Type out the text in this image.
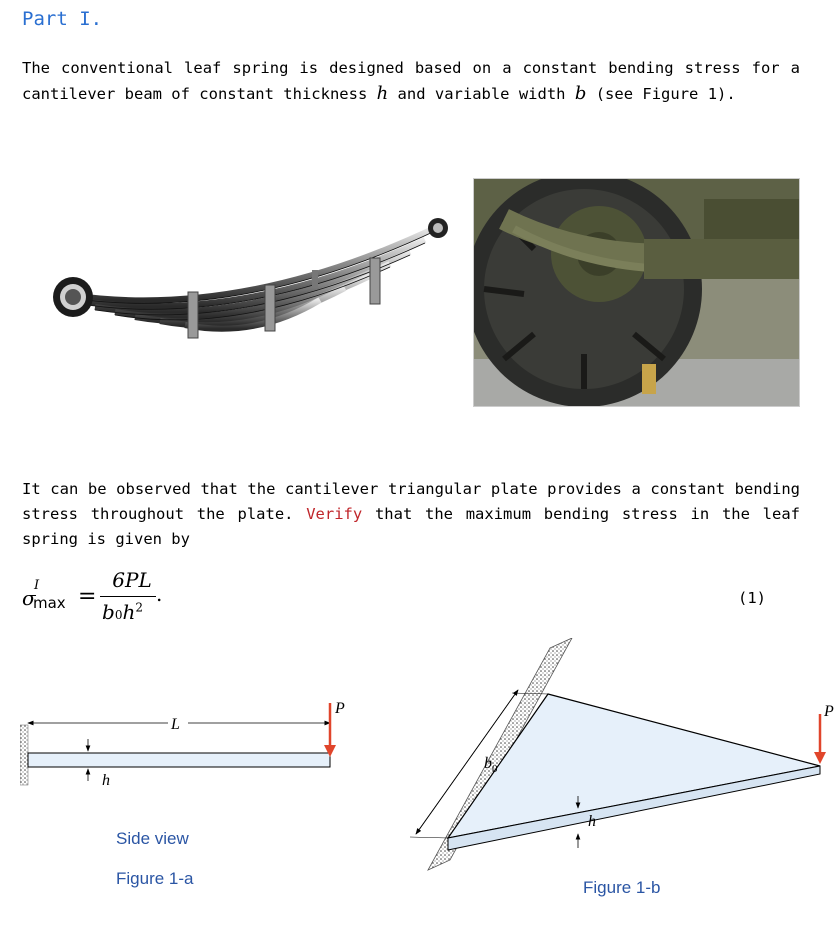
Part I.
The conventional leaf spring is designed based on a constant bending stress for a cantilever beam of constant thickness h and variable width b (see Figure 1).
It can be observed that the cantilever triangular plate provides a constant bending stress throughout the plate. Verify that the maximum bending stress in the leaf spring is given by
σ
I
max =
6PL
$b0h^2$
.	(1)
L
h
P
Side view
Figure 1-a
$b_0$
h
P
Figure 1-b
